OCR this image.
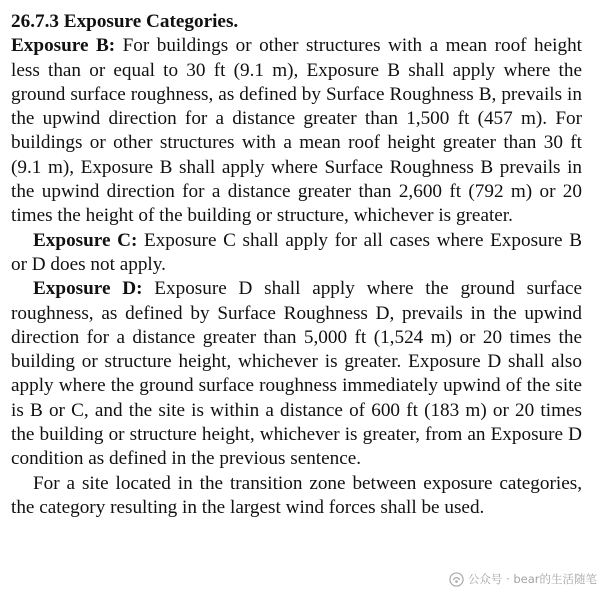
26.7.3 Exposure Categories.

Exposure B: For buildings or other structures with a mean roof height less than or equal to 30 ft (9.1 m), Exposure B shall apply where the ground surface roughness, as defined by Surface Roughness B, prevails in the upwind direction for a distance greater than 1,500 ft (457 m). For buildings or other structures with a mean roof height greater than 30 ft (9.1 m), Exposure B shall apply where Surface Roughness B prevails in the upwind direction for a distance greater than 2,600 ft (792 m) or 20 times the height of the building or structure, whichever is greater.

Exposure C: Exposure C shall apply for all cases where Exposure B or D does not apply.

Exposure D: Exposure D shall apply where the ground surface roughness, as defined by Surface Roughness D, prevails in the upwind direction for a distance greater than 5,000 ft (1,524 m) or 20 times the building or structure height, whichever is greater. Exposure D shall also apply where the ground surface roughness immediately upwind of the site is B or C, and the site is within a distance of 600 ft (183 m) or 20 times the building or structure height, whichever is greater, from an Exposure D condition as defined in the previous sentence.

For a site located in the transition zone between exposure categories, the category resulting in the largest wind forces shall be used.

公众号 · bear的生活随笔
